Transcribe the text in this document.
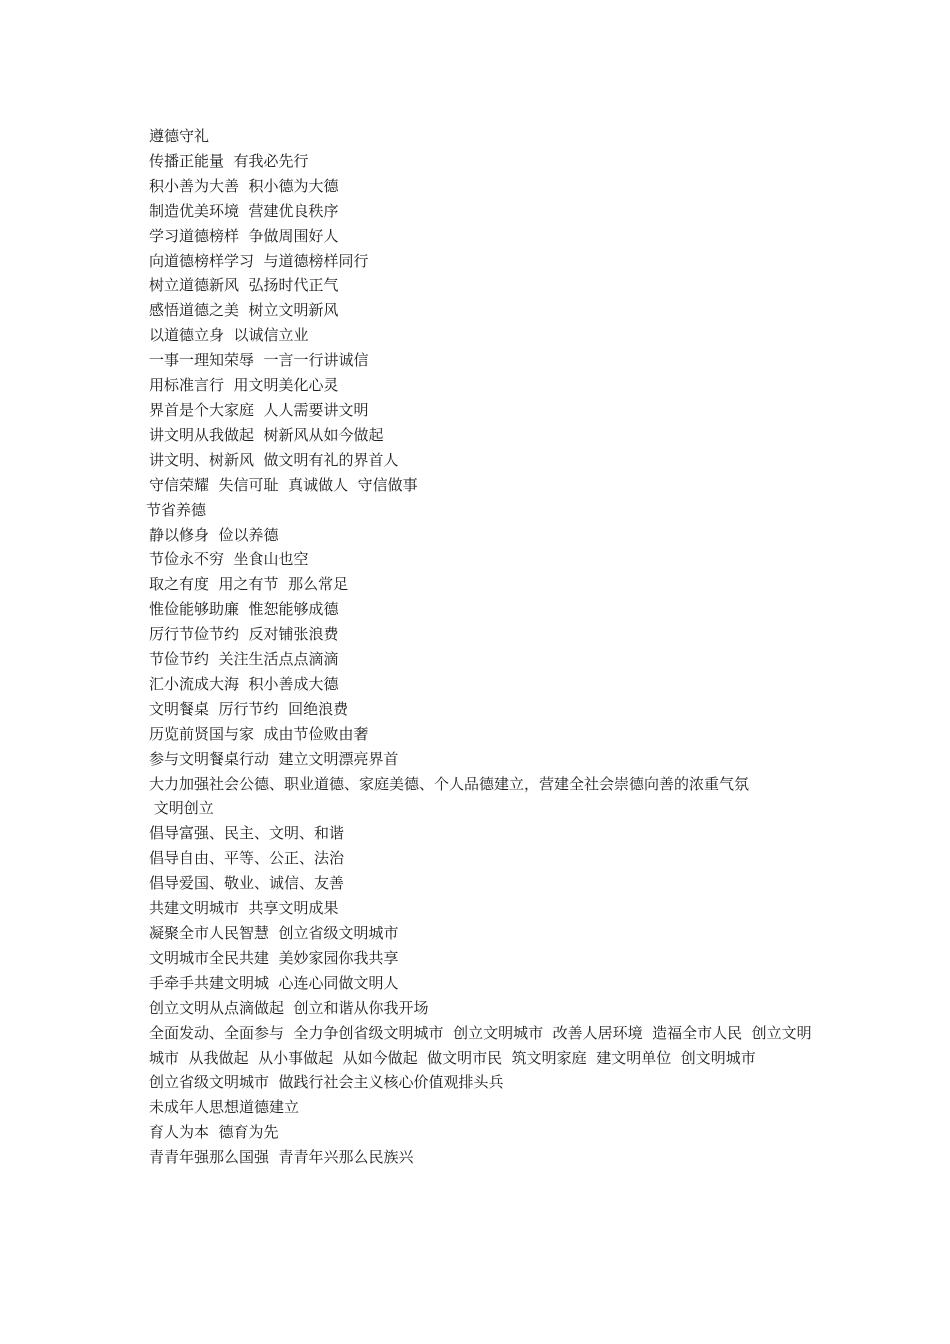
遵德守礼
传播正能量  有我必先行
积小善为大善  积小德为大德
制造优美环境  营建优良秩序
学习道德榜样  争做周围好人
向道德榜样学习  与道德榜样同行
树立道德新风  弘扬时代正气
感悟道德之美  树立文明新风
以道德立身  以诚信立业
一事一理知荣辱  一言一行讲诚信
用标准言行  用文明美化心灵
界首是个大家庭  人人需要讲文明
讲文明从我做起  树新风从如今做起
讲文明、树新风  做文明有礼的界首人
守信荣耀  失信可耻  真诚做人  守信做事
节省养德
静以修身  俭以养德
节俭永不穷  坐食山也空
取之有度  用之有节  那么常足
惟俭能够助廉  惟恕能够成德
厉行节俭节约  反对铺张浪费
节俭节约  关注生活点点滴滴
汇小流成大海  积小善成大德
文明餐桌  厉行节约  回绝浪费
历览前贤国与家  成由节俭败由奢
参与文明餐桌行动  建立文明漂亮界首
大力加强社会公德、职业道德、家庭美德、个人品德建立，营建全社会崇德向善的浓重气氛
文明创立
倡导富强、民主、文明、和谐
倡导自由、平等、公正、法治
倡导爱国、敬业、诚信、友善
共建文明城市  共享文明成果
凝聚全市人民智慧  创立省级文明城市
文明城市全民共建  美妙家园你我共享
手牵手共建文明城  心连心同做文明人
创立文明从点滴做起  创立和谐从你我开场
全面发动、全面参与  全力争创省级文明城市  创立文明城市  改善人居环境  造福全市人民  创立文明城市  从我做起  从小事做起  从如今做起  做文明市民  筑文明家庭  建文明单位  创文明城市
创立省级文明城市  做践行社会主义核心价值观排头兵
未成年人思想道德建立
育人为本  德育为先
青青年强那么国强  青青年兴那么民族兴
